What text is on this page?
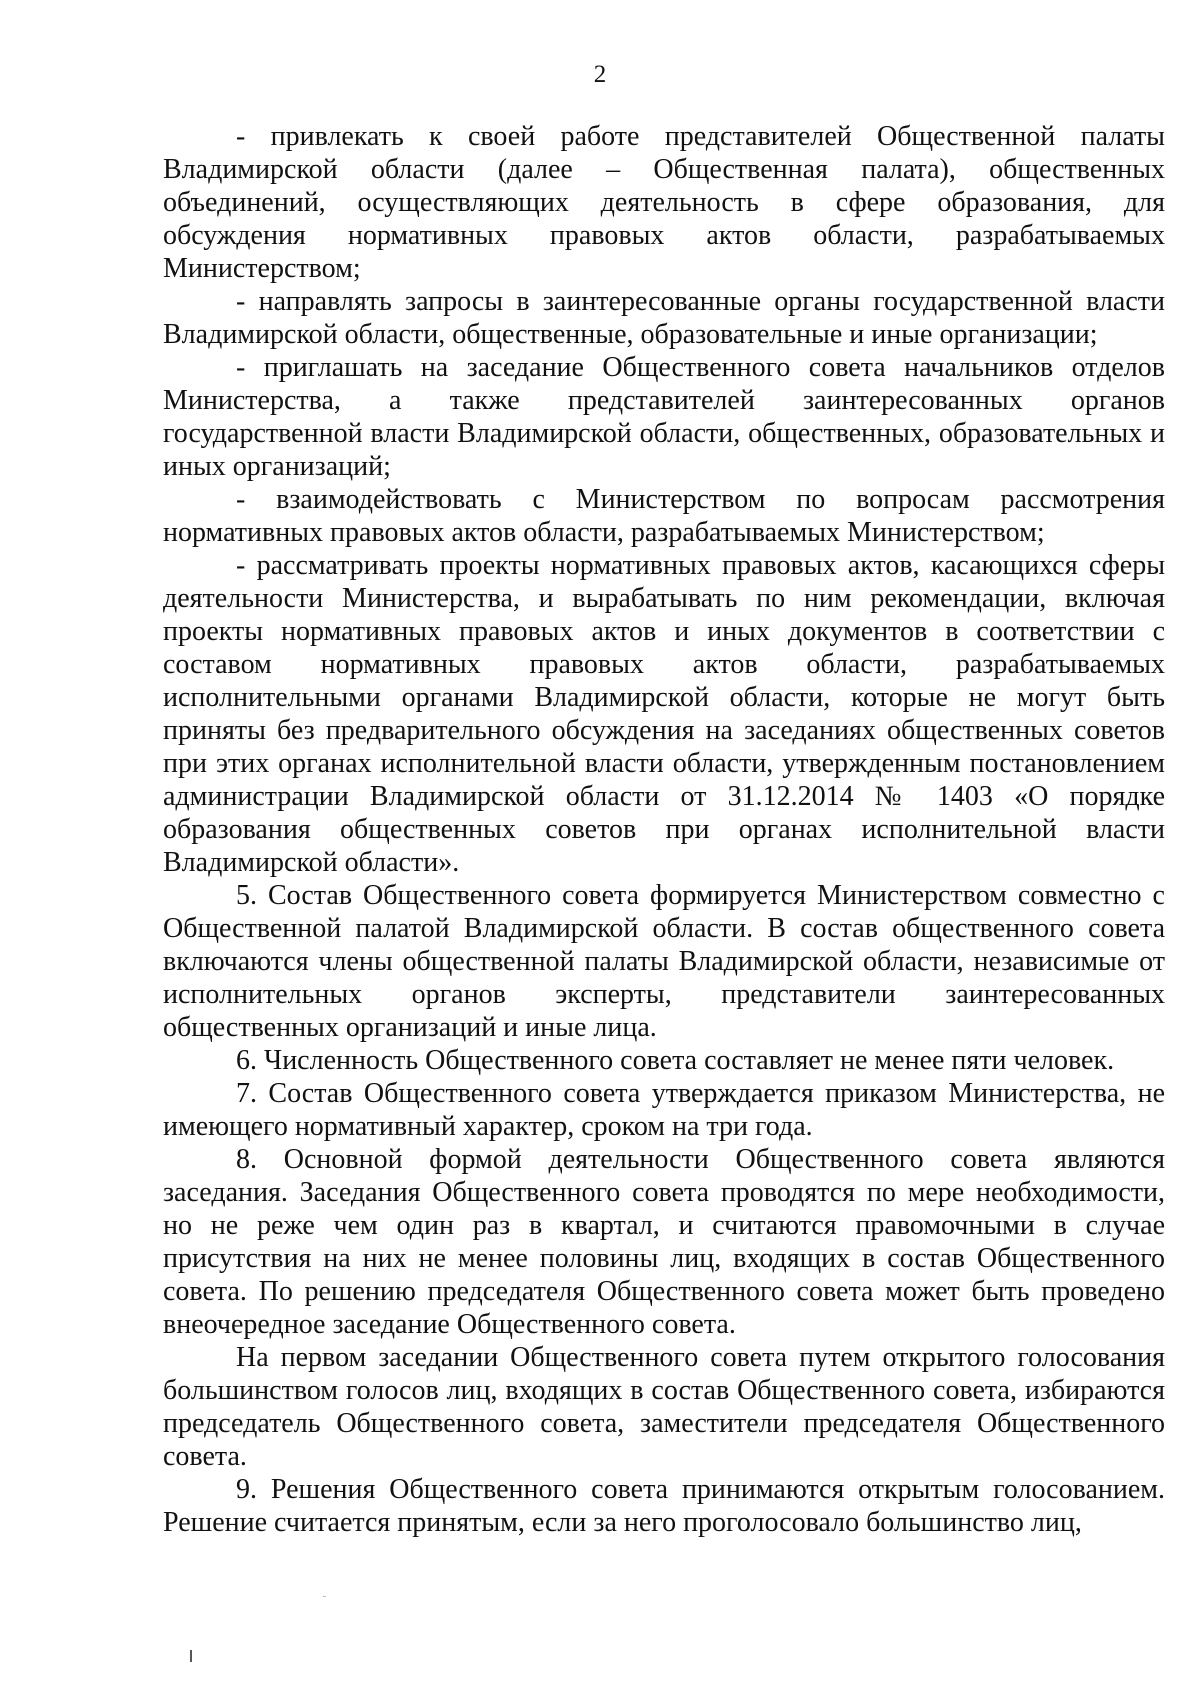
2

- привлекать к своей работе представителей Общественной палаты Владимирской области (далее – Общественная палата), общественных объединений, осуществляющих деятельность в сфере образования, для обсуждения нормативных правовых актов области, разрабатываемых Министерством;

- направлять запросы в заинтересованные органы государственной власти Владимирской области, общественные, образовательные и иные организации;

- приглашать на заседание Общественного совета начальников отделов Министерства, а также представителей заинтересованных органов государственной власти Владимирской области, общественных, образовательных и иных организаций;

- взаимодействовать с Министерством по вопросам рассмотрения нормативных правовых актов области, разрабатываемых Министерством;

- рассматривать проекты нормативных правовых актов, касающихся сферы деятельности Министерства, и вырабатывать по ним рекомендации, включая проекты нормативных правовых актов и иных документов в соответствии с составом нормативных правовых актов области, разрабатываемых исполнительными органами Владимирской области, которые не могут быть приняты без предварительного обсуждения на заседаниях общественных советов при этих органах исполнительной власти области, утвержденным постановлением администрации Владимирской области от 31.12.2014 № 1403 «О порядке образования общественных советов при органах исполнительной власти Владимирской области».

5. Состав Общественного совета формируется Министерством совместно с Общественной палатой Владимирской области. В состав общественного совета включаются члены общественной палаты Владимирской области, независимые от исполнительных органов эксперты, представители заинтересованных общественных организаций и иные лица.

6. Численность Общественного совета составляет не менее пяти человек.

7. Состав Общественного совета утверждается приказом Министерства, не имеющего нормативный характер, сроком на три года.

8. Основной формой деятельности Общественного совета являются заседания. Заседания Общественного совета проводятся по мере необходимости, но не реже чем один раз в квартал, и считаются правомочными в случае присутствия на них не менее половины лиц, входящих в состав Общественного совета. По решению председателя Общественного совета может быть проведено внеочередное заседание Общественного совета.

На первом заседании Общественного совета путем открытого голосования большинством голосов лиц, входящих в состав Общественного совета, избираются председатель Общественного совета, заместители председателя Общественного совета.

9. Решения Общественного совета принимаются открытым голосованием. Решение считается принятым, если за него проголосовало большинство лиц,
